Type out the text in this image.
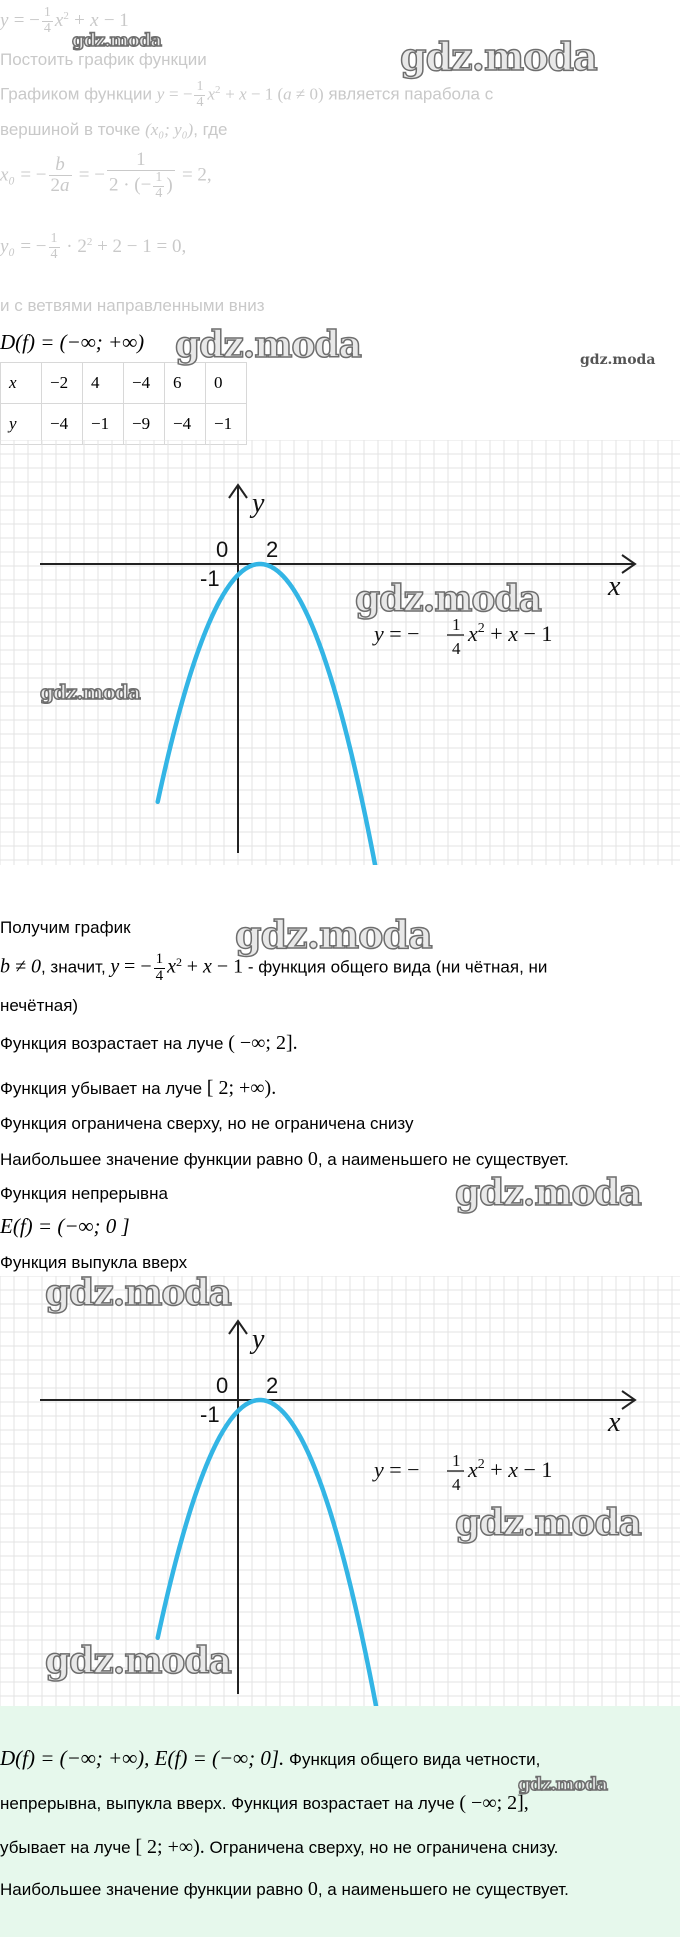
y = − $\frac{1}{4} x^2 + x - 1$
Постоить график функции
Графиком функции y = − $\frac{1}{4} x^2 + x - 1$ (a ≠ 0) является парабола с
вершиной в точке (x₀; y₀), где
x₀ = − $\frac{b}{2a}$ = − $\frac{1}{2 \cdot (- \frac{1}{4} )} = 2$,
y₀ = − $\frac{1}{4} \cdot 2^2 + 2 - 1 = 0$,
и с ветвями направленными вниз
D(f) = (−∞; +∞)
x	−2	4	−4	6	0
y	−4	−1	−9	−4	−1
x
y
0 2
-1
y = − 1
4
$x^2 + x - 1$
Получим график
b ≠ 0, значит, y = − $\frac{1}{4} x^2 + x - 1$ - функция общего вида (ни чётная, ни
нечётная)
Функция возрастает на луче ( −∞; 2].
Функция убывает на луче [ 2; +∞).
Функция ограничена сверху, но не ограничена снизу
Наибольшее значение функции равно 0, а наименьшего не существует.
Функция непрерывна
E(f) = (−∞; 0 ]
Функция выпукла вверх
x
y
0 2
-1
y = − 1
4
$x^2 + x - 1$
D(f) = (−∞; +∞), E(f) = (−∞; 0]. Функция общего вида четности,
непрерывна, выпукла вверх. Функция возрастает на луче ( −∞; 2],
убывает на луче [ 2; +∞). Ограничена сверху, но не ограничена снизу.
Наибольшее значение функции равно 0, а наименьшего не существует.
gdz.moda	gdz.moda
gdz.moda	gdz.moda
gdz.moda
gdz.moda
gdz.moda
gdz.moda
gdz.moda
gdz.moda
gdz.moda
gdz.moda
